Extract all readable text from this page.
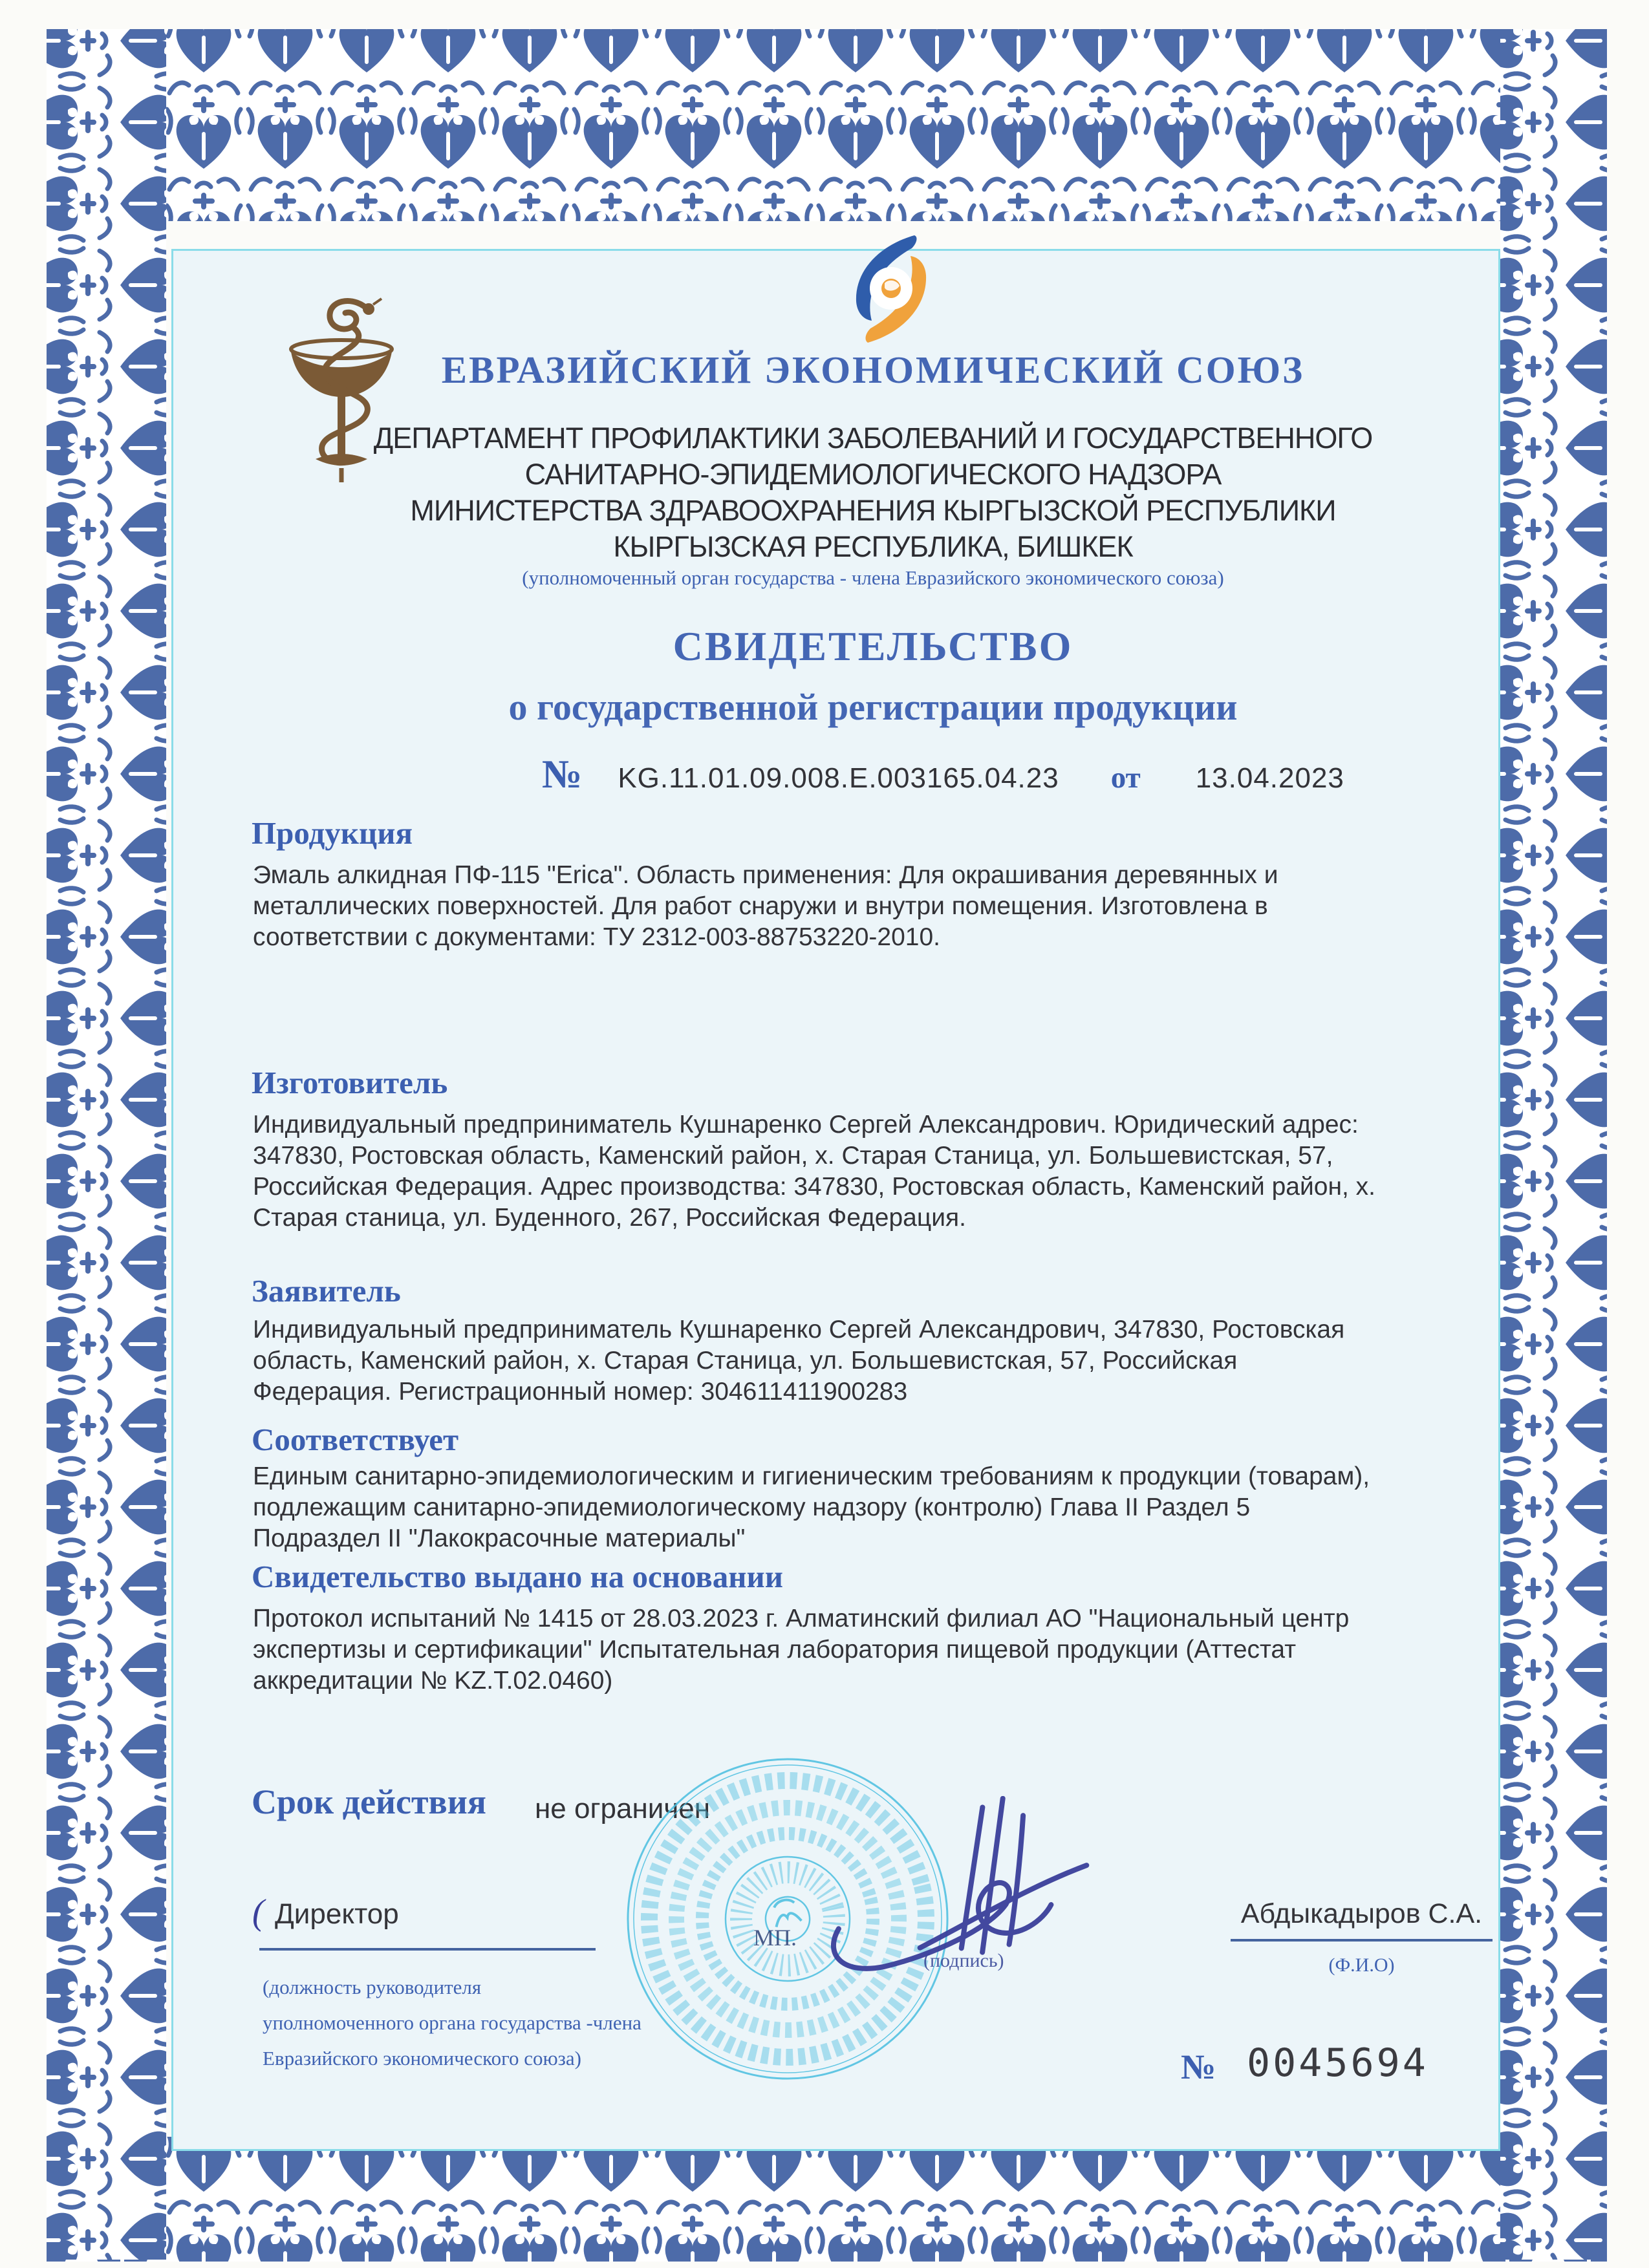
ЕВРАЗИЙСКИЙ ЭКОНОМИЧЕСКИЙ СОЮЗ
ДЕПАРТАМЕНТ ПРОФИЛАКТИКИ ЗАБОЛЕВАНИЙ И ГОСУДАРСТВЕННОГО
САНИТАРНО-ЭПИДЕМИОЛОГИЧЕСКОГО НАДЗОРА
МИНИСТЕРСТВА ЗДРАВООХРАНЕНИЯ КЫРГЫЗСКОЙ РЕСПУБЛИКИ
КЫРГЫЗСКАЯ РЕСПУБЛИКА, БИШКЕК
(уполномоченный орган государства - члена Евразийского экономического союза)
СВИДЕТЕЛЬСТВО
о государственной регистрации продукции
№ KG.11.01.09.008.E.003165.04.23 от 13.04.2023
Продукция
Эмаль алкидная ПФ-115 "Erica". Область применения: Для окрашивания деревянных и металлических поверхностей. Для работ снаружи и внутри помещения. Изготовлена в соответствии с документами: ТУ 2312-003-88753220-2010.
Изготовитель
Индивидуальный предприниматель Кушнаренко Сергей Александрович. Юридический адрес: 347830, Ростовская область, Каменский район, х. Старая Станица, ул. Большевистская, 57, Российская Федерация. Адрес производства: 347830, Ростовская область, Каменский район, х. Старая станица, ул. Буденного, 267, Российская Федерация.
Заявитель
Индивидуальный предприниматель Кушнаренко Сергей Александрович, 347830, Ростовская область, Каменский район, х. Старая Станица, ул. Большевистская, 57, Российская Федерация. Регистрационный номер: 304611411900283
Соответствует
Единым санитарно-эпидемиологическим и гигиеническим требованиям к продукции (товарам), подлежащим санитарно-эпидемиологическому надзору (контролю) Глава II Раздел 5 Подраздел II "Лакокрасочные материалы"
Свидетельство выдано на основании
Протокол испытаний № 1415 от 28.03.2023 г. Алматинский филиал АО "Национальный центр экспертизы и сертификации" Испытательная лаборатория пищевой продукции (Аттестат аккредитации № KZ.Т.02.0460)
Срок действия не ограничен
( Директор
(должность руководителя
уполномоченного органа государства -члена
Евразийского экономического союза)
МП.
(подпись)
Абдыкадыров С.А.
(Ф.И.О)
№ 0045694
